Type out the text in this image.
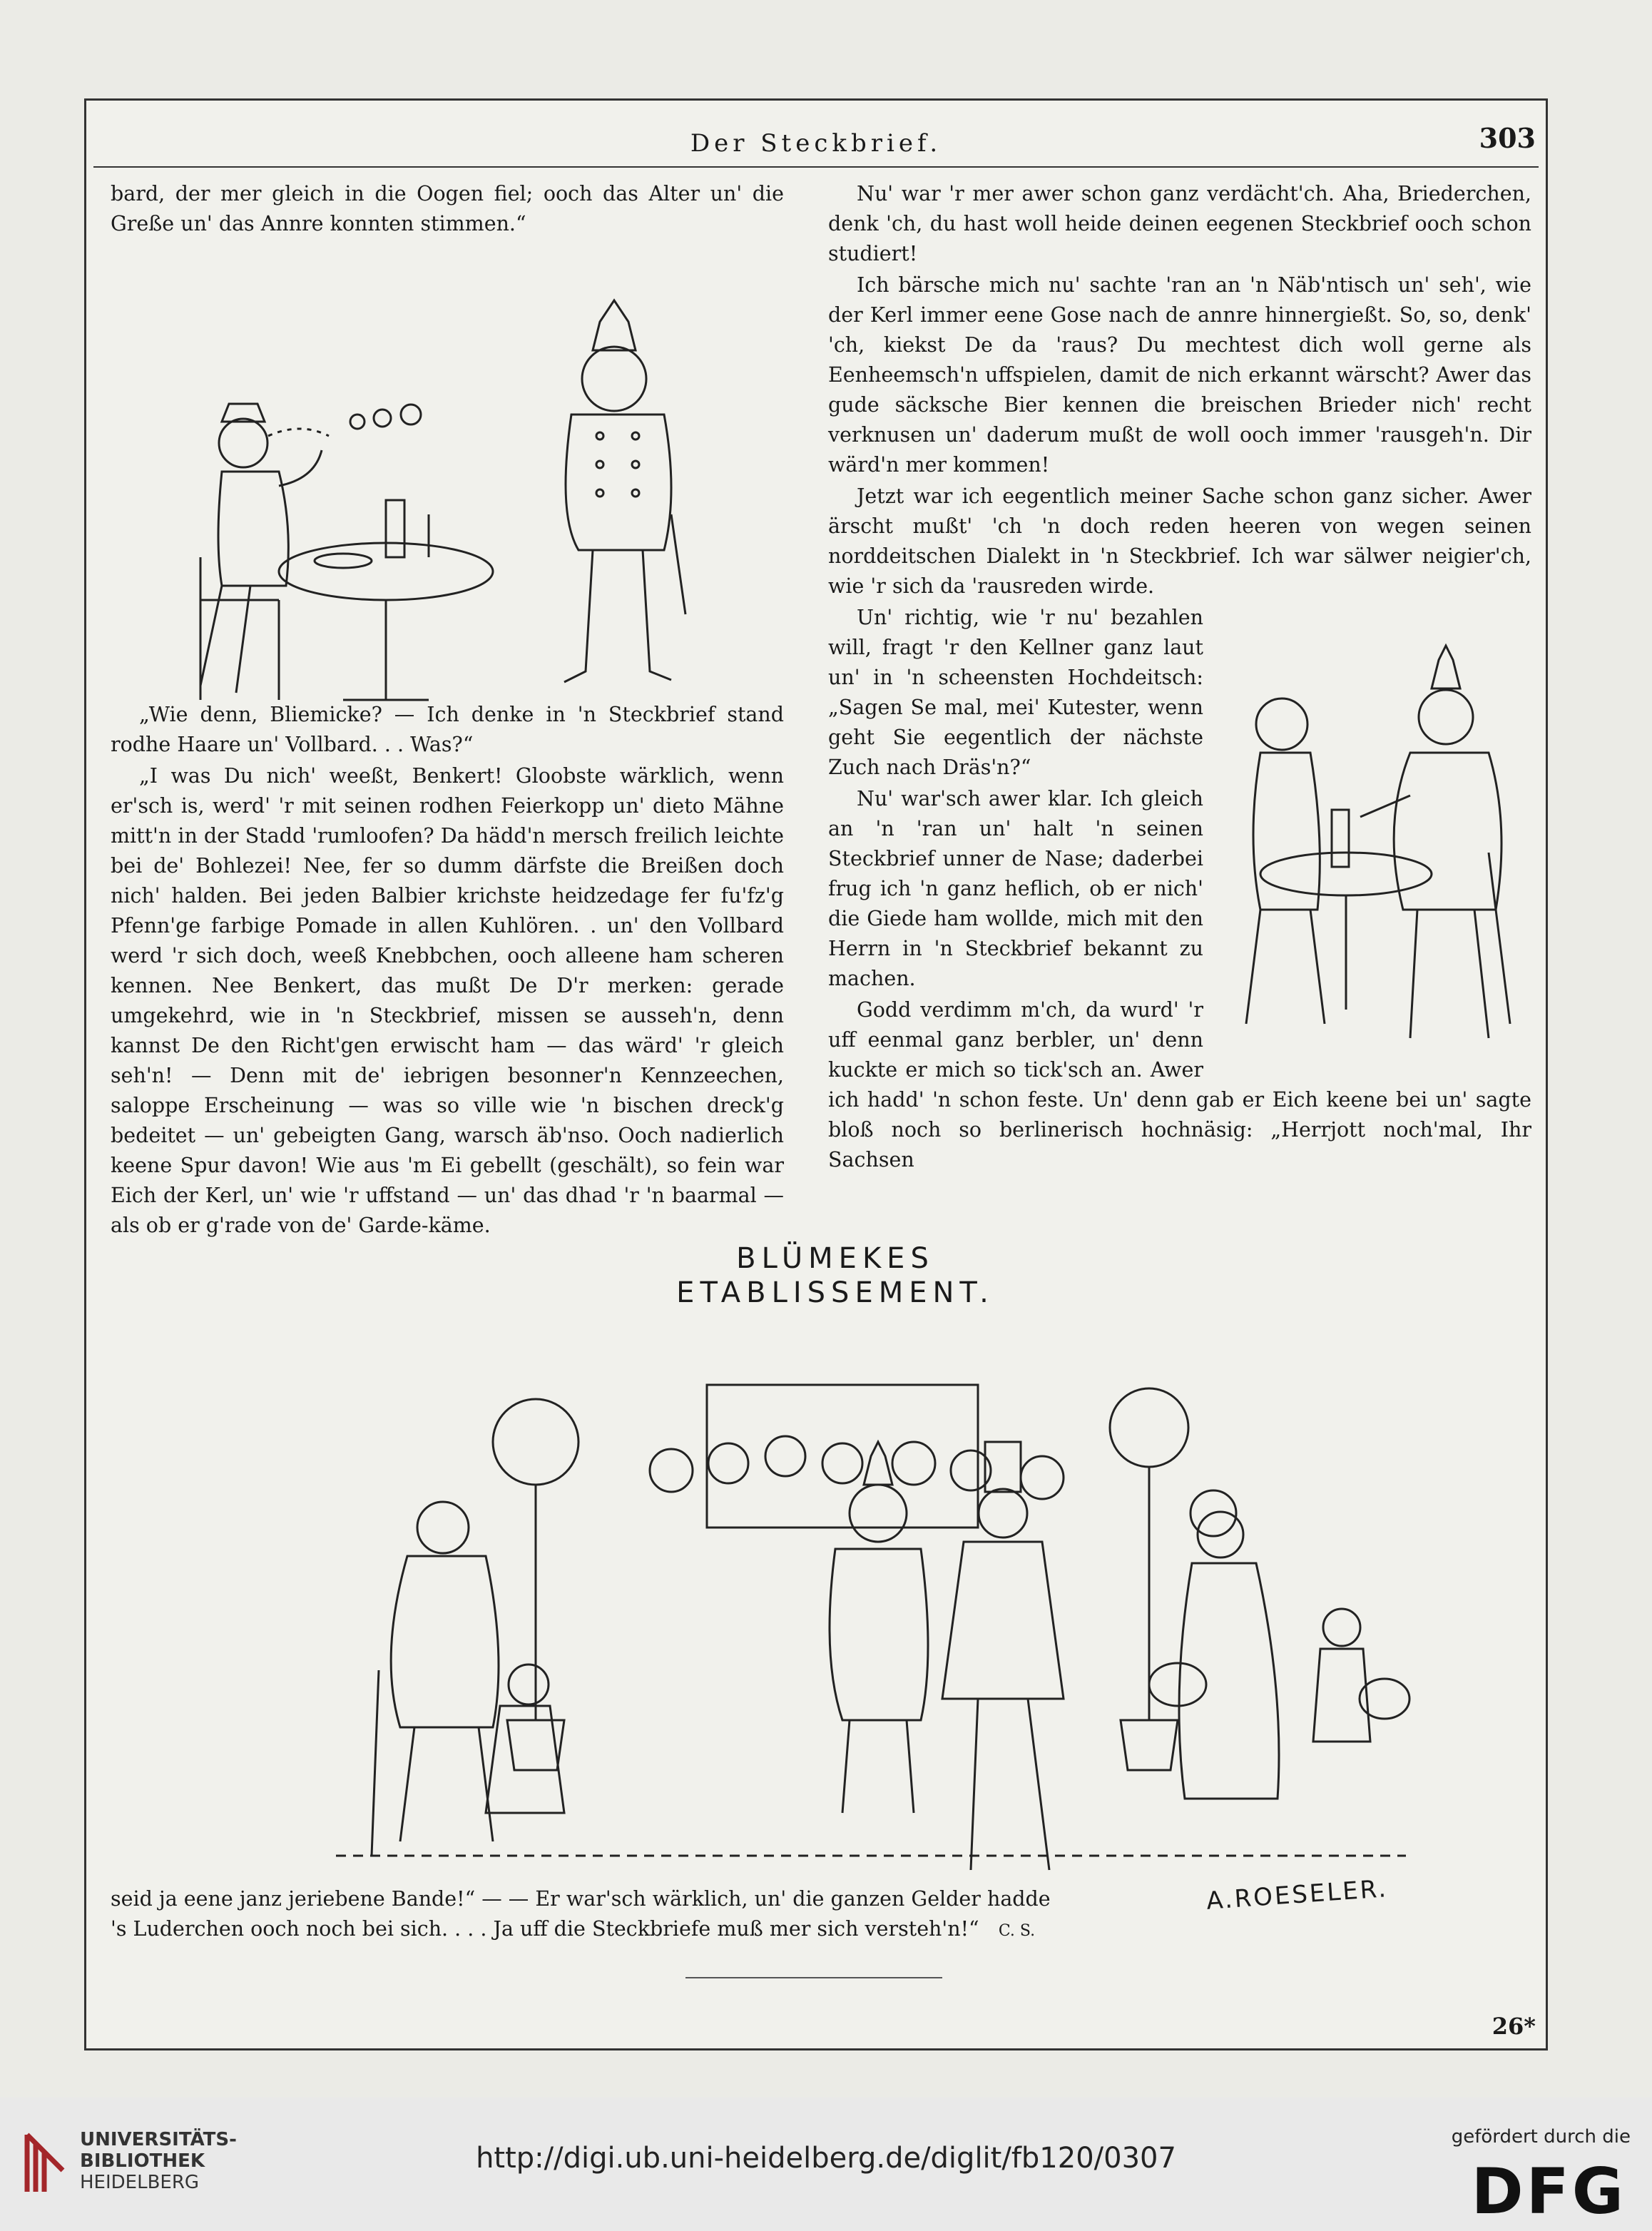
Der Steckbrief.	303

bard, der mer gleich in die Oogen fiel; ooch das Alter un' die Greße un' das Annre konnten stimmen.“

„Wie denn, Bliemicke? — Ich denke in 'n Steckbrief stand rodhe Haare un' Vollbard. . . Was?“

„I was Du nich' weeßt, Benkert! Gloobste wärklich, wenn er'sch is, werd' 'r mit seinen rodhen Feierkopp un' dieto Mähne mitt'n in der Stadd 'rumloofen? Da hädd'n mersch freilich leichte bei de' Bohlezei! Nee, fer so dumm därfste die Breißen doch nich' halden. Bei jeden Balbier krichste heidzedage fer fu'fz'g Pfenn'ge farbige Pomade in allen Kuhlören. . un' den Vollbard werd 'r sich doch, weeß Knebbchen, ooch alleene ham scheren kennen. Nee Benkert, das mußt De D'r merken: gerade umgekehrd, wie in 'n Steckbrief, missen se ausseh'n, denn kannst De den Richt'gen erwischt ham — das wärd' 'r gleich seh'n! — Denn mit de' iebrigen besonner'n Kennzeechen, saloppe Erscheinung — was so ville wie 'n bischen dreck'g bedeitet — un' gebeigten Gang, warsch äb'nso. Ooch nadierlich keene Spur davon! Wie aus 'm Ei gebellt (geschält), so fein war Eich der Kerl, un' wie 'r uffstand — un' das dhad 'r 'n baarmal — als ob er g'rade von de' Garde-käme.

Nu' war 'r mer awer schon ganz verdächt'ch. Aha, Briederchen, denk 'ch, du hast woll heide deinen eegenen Steckbrief ooch schon studiert!

Ich bärsche mich nu' sachte 'ran an 'n Näb'ntisch un' seh', wie der Kerl immer eene Gose nach de annre hinnergießt. So, so, denk' 'ch, kiekst De da 'raus? Du mechtest dich woll gerne als Eenheemsch'n uffspielen, damit de nich erkannt wärscht? Awer das gude säcksche Bier kennen die breischen Brieder nich' recht verknusen un' daderum mußt de woll ooch immer 'rausgeh'n. Dir wärd'n mer kommen!

Jetzt war ich eegentlich meiner Sache schon ganz sicher. Awer ärscht mußt' 'ch 'n doch reden heeren von wegen seinen norddeitschen Dialekt in 'n Steckbrief. Ich war sälwer neigier'ch, wie 'r sich da 'rausreden wirde.

Un' richtig, wie 'r nu' bezahlen will, fragt 'r den Kellner ganz laut un' in 'n scheensten Hochdeitsch: „Sagen Se mal, mei' Kutester, wenn geht Sie eegentlich der nächste Zuch nach Dräs'n?“

Nu' war'sch awer klar. Ich gleich an 'n 'ran un' halt 'n seinen Steckbrief unner de Nase; daderbei frug ich 'n ganz heflich, ob er nich' die Giede ham wollde, mich mit den Herrn in 'n Steckbrief bekannt zu machen.

Godd verdimm m'ch, da wurd' 'r uff eenmal ganz berbler, un' denn kuckte er mich so tick'sch an. Awer ich hadd' 'n schon feste. Un' denn gab er Eich keene bei un' sagte bloß noch so berlinerisch hochnäsig: „Herrjott noch'mal, Ihr Sachsen

BLÜMEKES
ETABLISSEMENT.
seid ja eene janz jeriebene Bande!“ — — Er war'sch wärklich, un' die ganzen Gelder hadde
's Luderchen ooch noch bei sich. . . . Ja uff die Steckbriefe muß mer sich versteh'n!“ C. S.
A.ROESELER.
26*
UNIVERSITÄTS-
BIBLIOTHEK
HEIDELBERG
http://digi.ub.uni-heidelberg.de/diglit/fb120/0307
gefördert durch die
DFG
